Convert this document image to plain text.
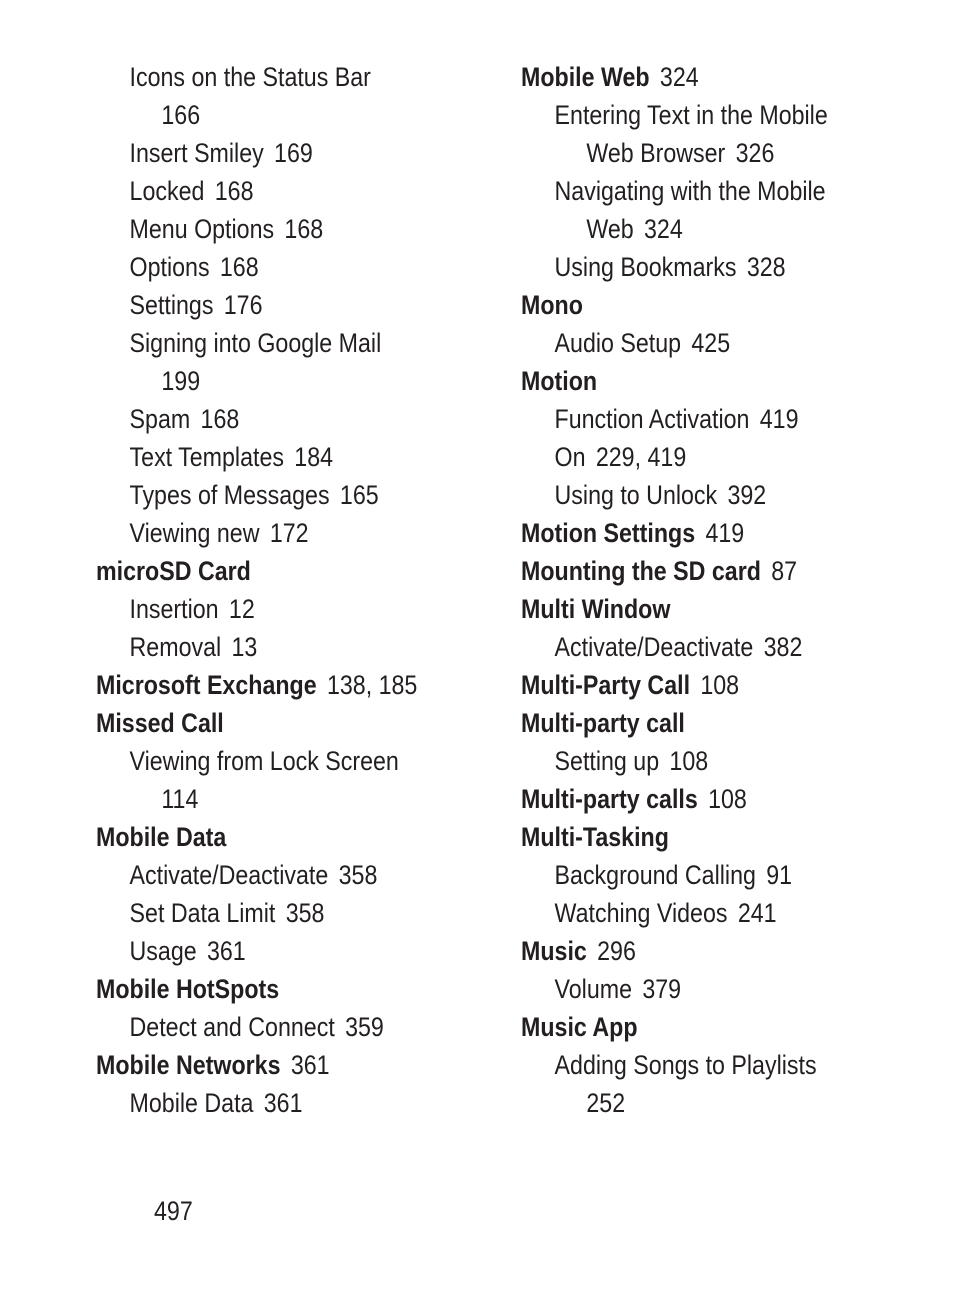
Icons on the Status Bar
166
Insert Smiley 169
Locked 168
Menu Options 168
Options 168
Settings 176
Signing into Google Mail
199
Spam 168
Text Templates 184
Types of Messages 165
Viewing new 172
microSD Card
Insertion 12
Removal 13
Microsoft Exchange 138, 185
Missed Call
Viewing from Lock Screen
114
Mobile Data
Activate/Deactivate 358
Set Data Limit 358
Usage 361
Mobile HotSpots
Detect and Connect 359
Mobile Networks 361
Mobile Data 361
Mobile Web 324
Entering Text in the Mobile
Web Browser 326
Navigating with the Mobile
Web 324
Using Bookmarks 328
Mono
Audio Setup 425
Motion
Function Activation 419
On 229, 419
Using to Unlock 392
Motion Settings 419
Mounting the SD card 87
Multi Window
Activate/Deactivate 382
Multi-Party Call 108
Multi-party call
Setting up 108
Multi-party calls 108
Multi-Tasking
Background Calling 91
Watching Videos 241
Music 296
Volume 379
Music App
Adding Songs to Playlists
252
497
